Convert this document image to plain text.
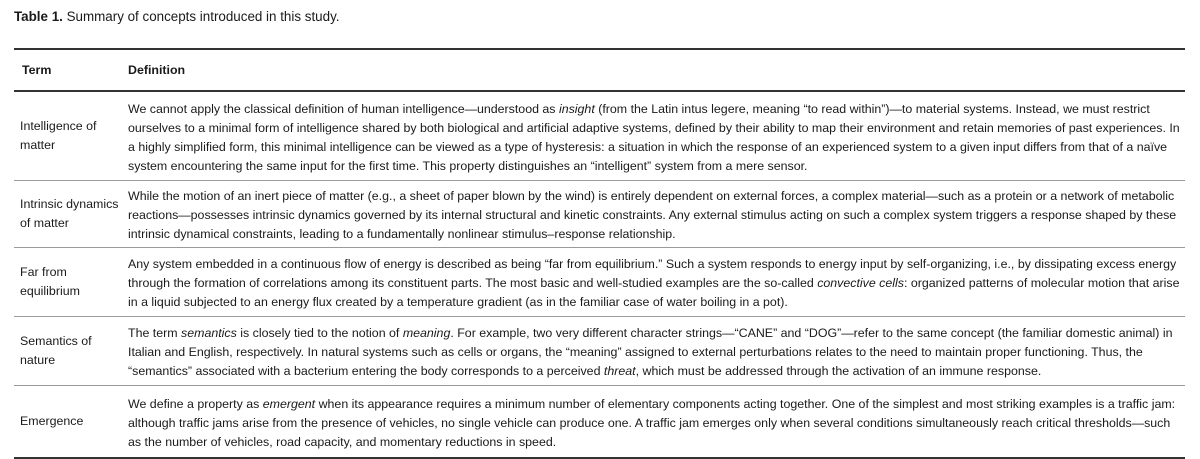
Table 1. Summary of concepts introduced in this study.
Term	Definition
Intelligence of matter	We cannot apply the classical definition of human intelligence—understood as insight (from the Latin intus legere, meaning “to read within”)—to material systems. Instead, we must restrict ourselves to a minimal form of intelligence shared by both biological and artificial adaptive systems, defined by their ability to map their environment and retain memories of past experiences. In a highly simplified form, this minimal intelligence can be viewed as a type of hysteresis: a situation in which the response of an experienced system to a given input differs from that of a naïve system encountering the same input for the first time. This property distinguishes an “intelligent” system from a mere sensor.

Intrinsic dynamics of matter	While the motion of an inert piece of matter (e.g., a sheet of paper blown by the wind) is entirely dependent on external forces, a complex material—such as a protein or a network of metabolic reactions—possesses intrinsic dynamics governed by its internal structural and kinetic constraints. Any external stimulus acting on such a complex system triggers a response shaped by these intrinsic dynamical constraints, leading to a fundamentally nonlinear stimulus–response relationship.

Far from equilibrium	Any system embedded in a continuous flow of energy is described as being “far from equilibrium.” Such a system responds to energy input by self-organizing, i.e., by dissipating excess energy through the formation of correlations among its constituent parts. The most basic and well-studied examples are the so-called convective cells: organized patterns of molecular motion that arise in a liquid subjected to an energy flux created by a temperature gradient (as in the familiar case of water boiling in a pot).

Semantics of nature	The term semantics is closely tied to the notion of meaning. For example, two very different character strings—“CANE” and “DOG”—refer to the same concept (the familiar domestic animal) in Italian and English, respectively. In natural systems such as cells or organs, the “meaning” assigned to external perturbations relates to the need to maintain proper functioning. Thus, the “semantics” associated with a bacterium entering the body corresponds to a perceived threat, which must be addressed through the activation of an immune response.

Emergence	We define a property as emergent when its appearance requires a minimum number of elementary components acting together. One of the simplest and most striking examples is a traffic jam: although traffic jams arise from the presence of vehicles, no single vehicle can produce one. A traffic jam emerges only when several conditions simultaneously reach critical thresholds—such as the number of vehicles, road capacity, and momentary reductions in speed.
